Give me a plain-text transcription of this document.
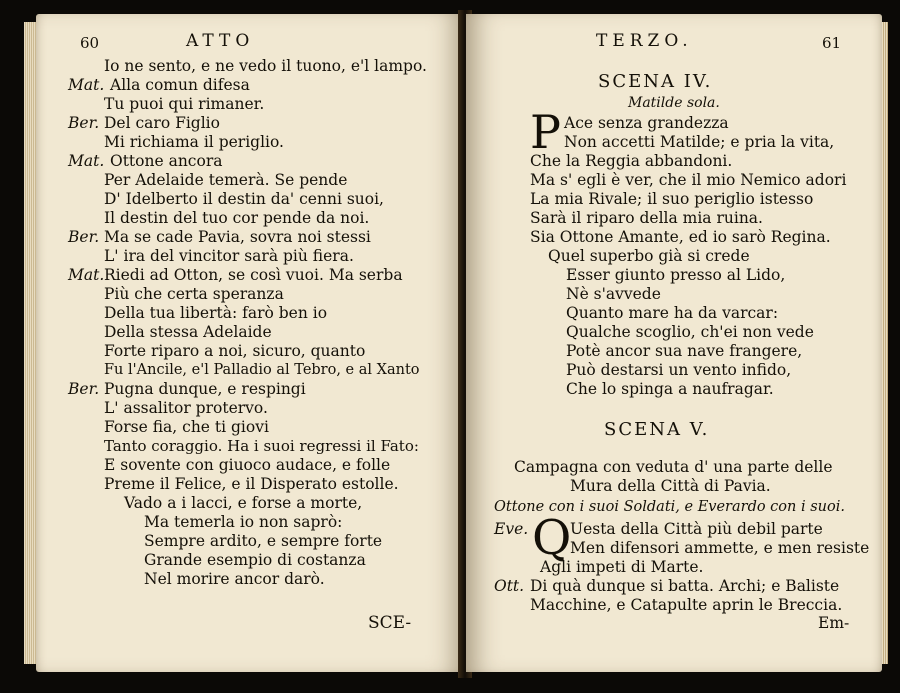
60	ATTO
Mat.
Ber.
Mat.
Ber.
Mat.
Ber.
Io ne sento, e ne vedo il tuono, e'l lampo.
Alla comun difesa
Tu puoi qui rimaner.
Del caro Figlio
Mi richiama il periglio.
Ottone ancora
Per Adelaide temerà. Se pende
D' Idelberto il destin da' cenni suoi,
Il destin del tuo cor pende da noi.
Ma se cade Pavia, sovra noi stessi
L' ira del vincitor sarà più fiera.
Riedi ad Otton, se così vuoi. Ma serba
Più che certa speranza
Della tua libertà: farò ben io
Della stessa Adelaide
Forte riparo a noi, sicuro, quanto
Fu l'Ancile, e'l Palladio al Tebro, e al Xanto
Pugna dunque, e respingi
L' assalitor protervo.
Forse fia, che ti giovi
Tanto coraggio. Ha i suoi regressi il Fato:
E sovente con giuoco audace, e folle
Preme il Felice, e il Disperato estolle.
Vado a i lacci, e forse a morte,
Ma temerla io non saprò:
Sempre ardito, e sempre forte
Grande esempio di costanza
Nel morire ancor darò.
SCE-
TERZO.	61
SCENA IV.
Matilde sola.
P Ace senza grandezza
Non accetti Matilde; e pria la vita,
Che la Reggia abbandoni.
Ma s' egli è ver, che il mio Nemico adori
La mia Rivale; il suo periglio istesso
Sarà il riparo della mia ruina.
Sia Ottone Amante, ed io sarò Regina.
Quel superbo già si crede
Esser giunto presso al Lido,
Nè s'avvede
Quanto mare ha da varcar:
Qualche scoglio, ch'ei non vede
Potè ancor sua nave frangere,
Può destarsi un vento infido,
Che lo spinga a naufragar.
SCENA V.
Campagna con veduta d' una parte delle
Mura della Città di Pavia.
Ottone con i suoi Soldati, e Everardo con i suoi.
Eve. Q
Uesta della Città più debil parte
Men difensori ammette, e men resiste
Agli impeti di Marte.
Ott. Di quà dunque si batta. Archi; e Baliste
Macchine, e Catapulte aprin le Breccia.
Em-
